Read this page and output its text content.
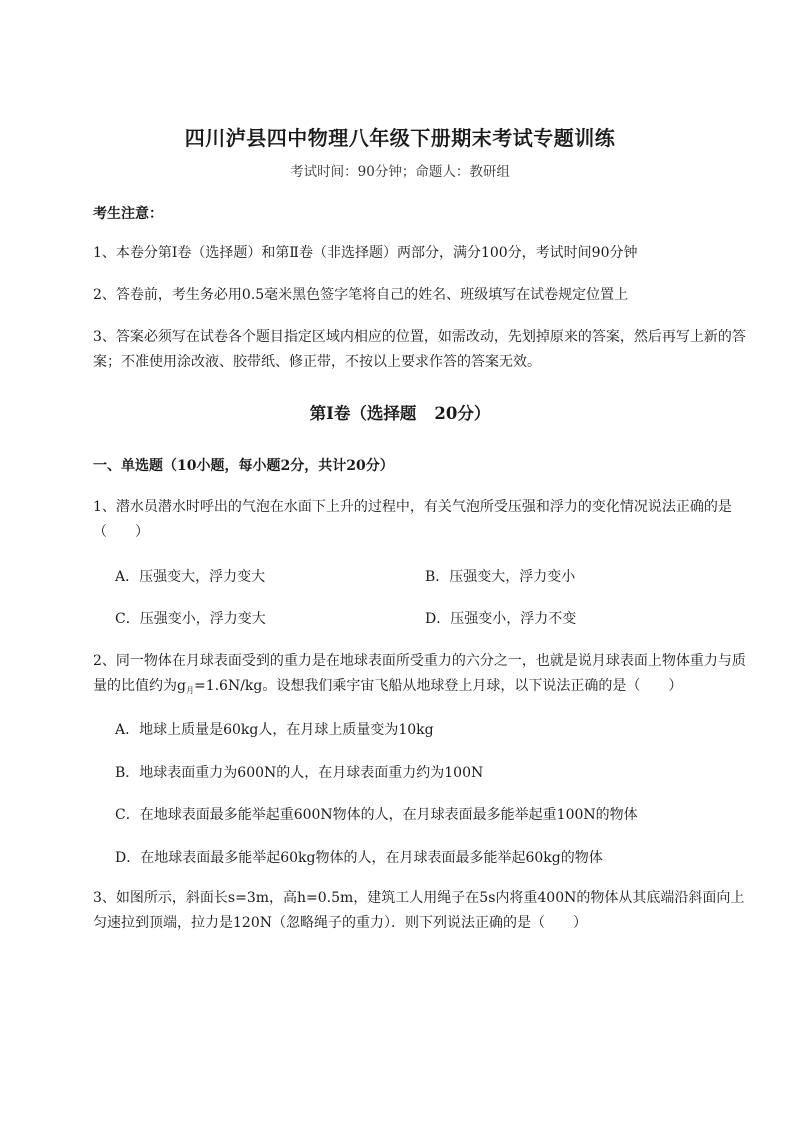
四川泸县四中物理八年级下册期末考试专题训练
考试时间：90分钟；命题人：教研组
考生注意：
1、本卷分第I卷（选择题）和第Ⅱ卷（非选择题）两部分，满分100分，考试时间90分钟
2、答卷前，考生务必用0.5毫米黑色签字笔将自己的姓名、班级填写在试卷规定位置上
3、答案必须写在试卷各个题目指定区域内相应的位置，如需改动，先划掉原来的答案，然后再写上新的答案；不准使用涂改液、胶带纸、修正带，不按以上要求作答的答案无效。
第I卷（选择题 20分）
一、单选题（10小题，每小题2分，共计20分）
1、潜水员潜水时呼出的气泡在水面下上升的过程中，有关气泡所受压强和浮力的变化情况说法正确的是（　　）
A．压强变大，浮力变大	B．压强变大，浮力变小
C．压强变小，浮力变大	D．压强变小，浮力不变
2、同一物体在月球表面受到的重力是在地球表面所受重力的六分之一，也就是说月球表面上物体重力与质量的比值约为$g_月=1.6N/kg$。设想我们乘宇宙飞船从地球登上月球，以下说法正确的是（　　）
A．地球上质量是60kg人，在月球上质量变为10kg
B．地球表面重力为600N的人，在月球表面重力约为100N
C．在地球表面最多能举起重600N物体的人，在月球表面最多能举起重100N的物体
D．在地球表面最多能举起60kg物体的人，在月球表面最多能举起60kg的物体
3、如图所示，斜面长s=3m，高h=0.5m，建筑工人用绳子在5s内将重400N的物体从其底端沿斜面向上匀速拉到顶端，拉力是120N（忽略绳子的重力）．则下列说法正确的是（　　）
